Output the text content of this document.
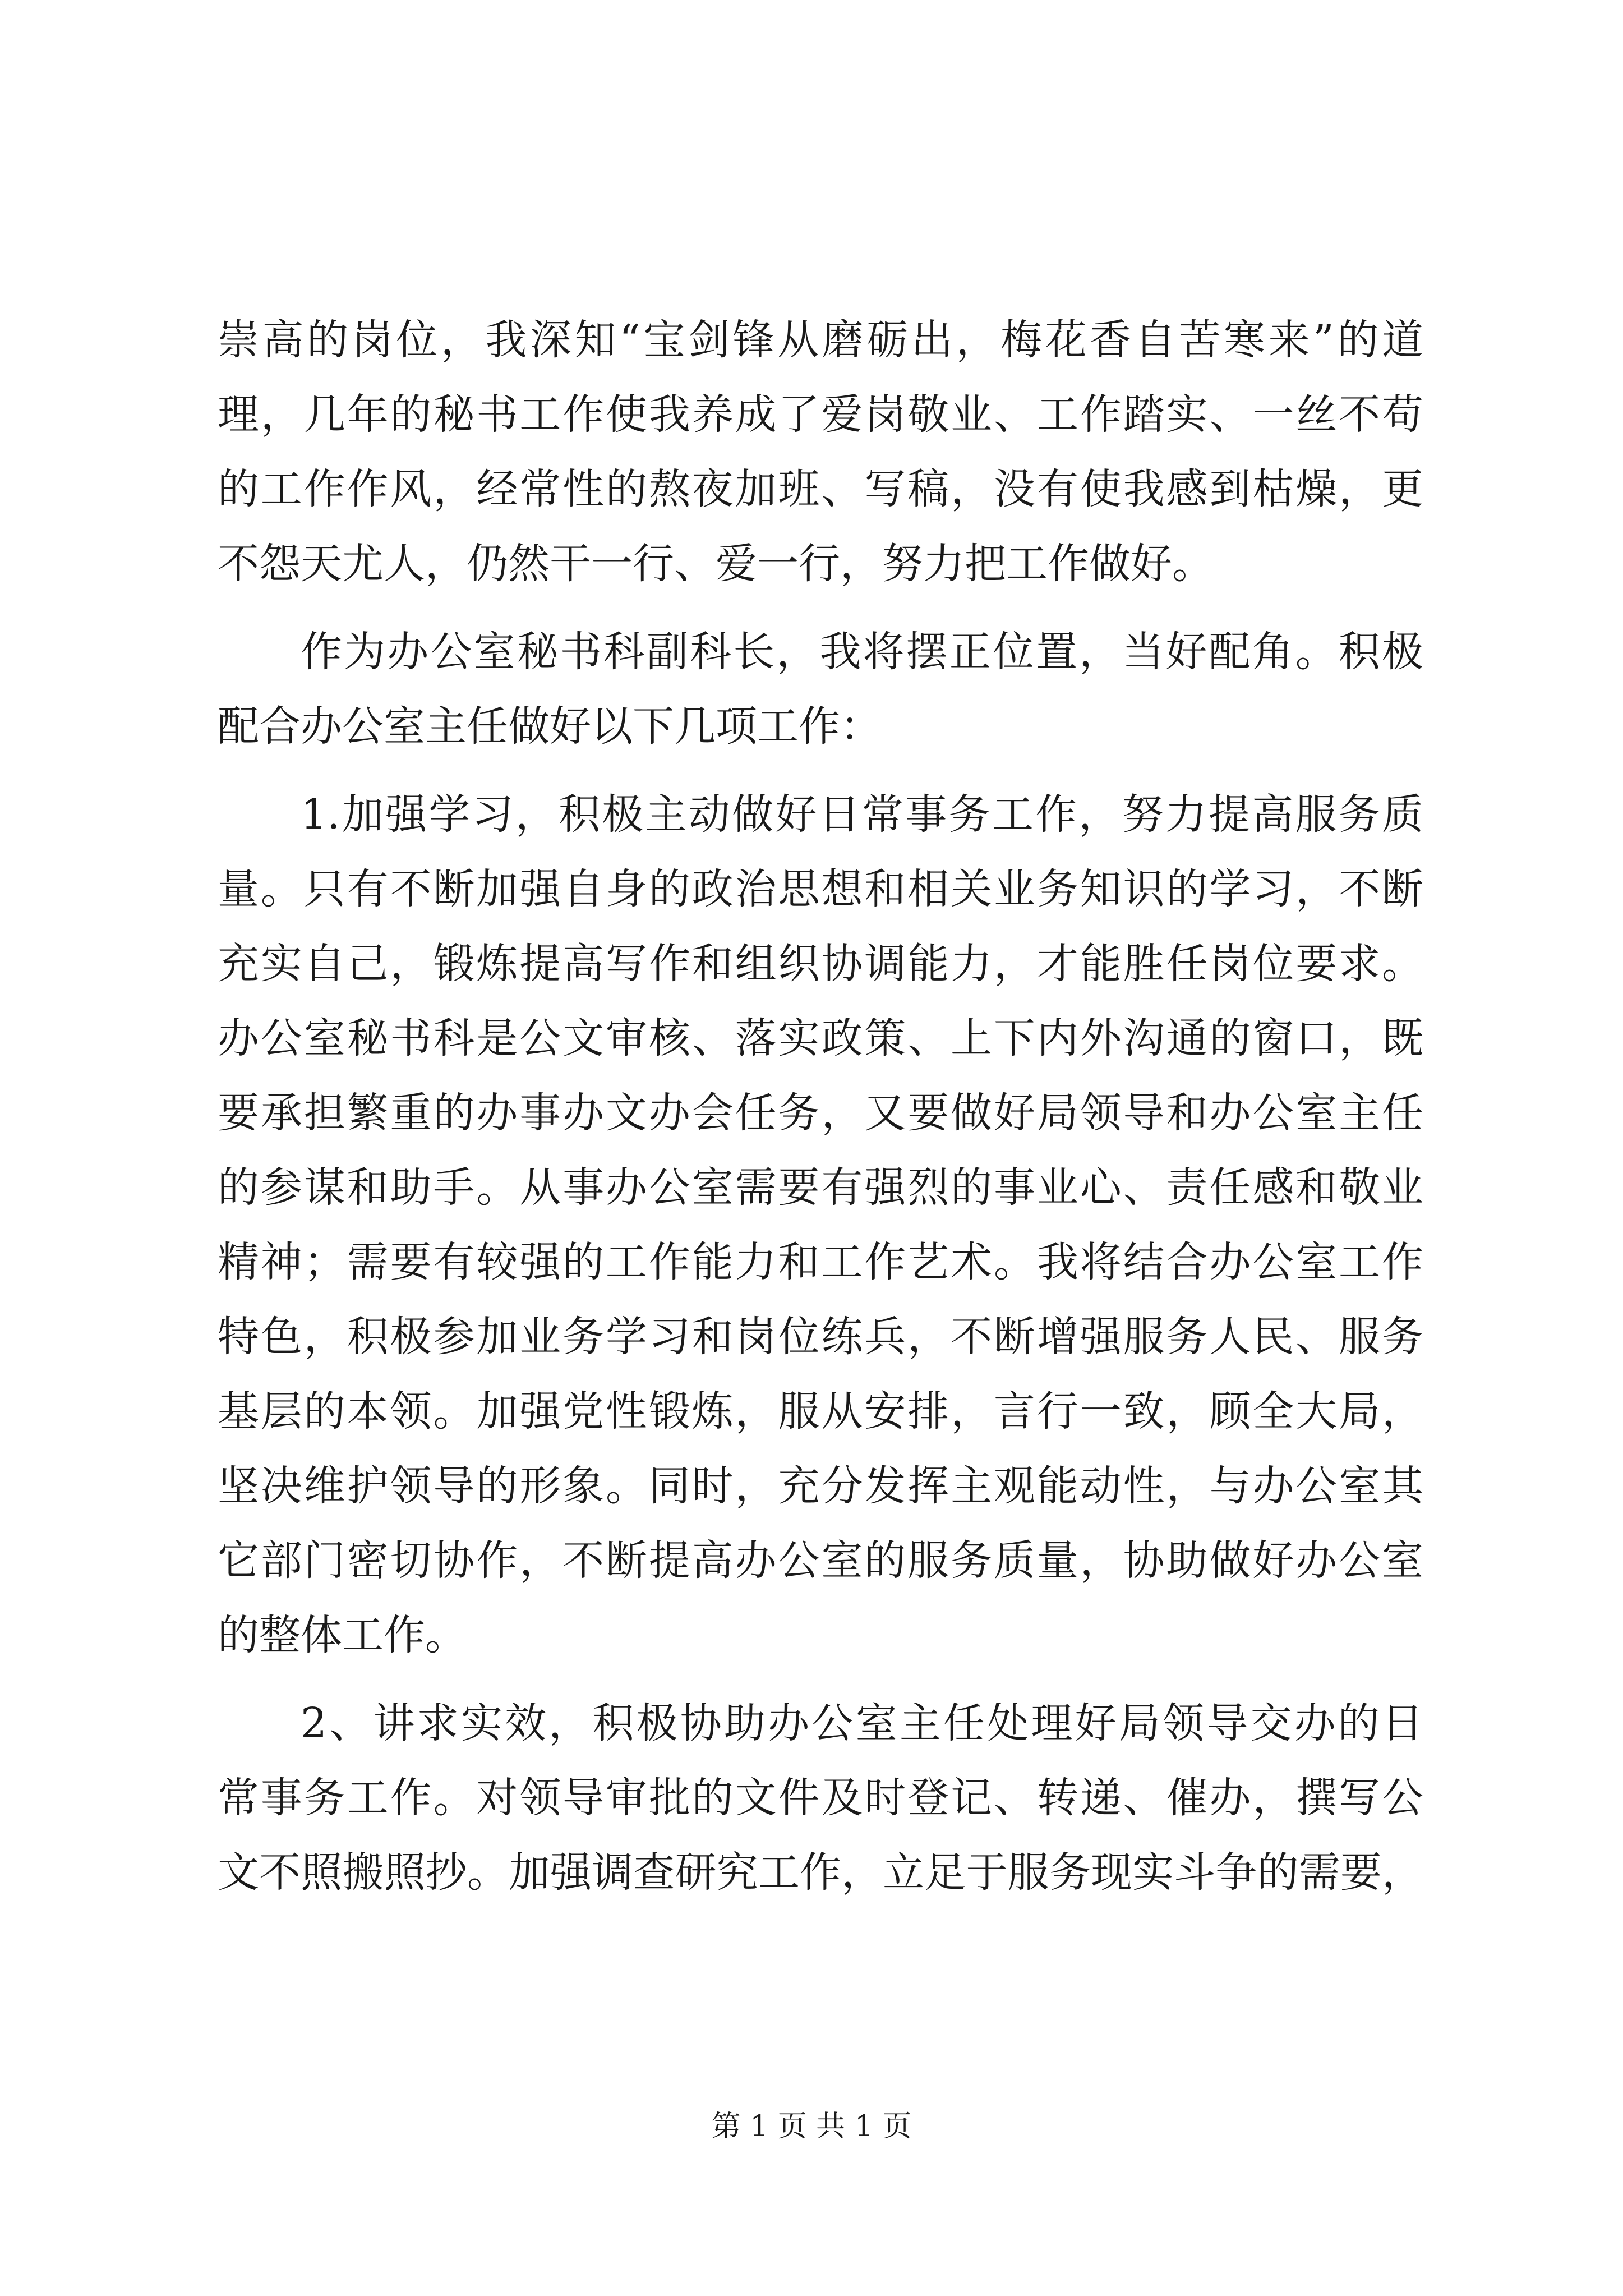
崇高的岗位，我深知“宝剑锋从磨砺出，梅花香自苦寒来”的道
理，几年的秘书工作使我养成了爱岗敬业、工作踏实、一丝不苟
的工作作风，经常性的熬夜加班、写稿，没有使我感到枯燥，更
不怨天尤人，仍然干一行、爱一行，努力把工作做好。
作为办公室秘书科副科长，我将摆正位置，当好配角。积极
配合办公室主任做好以下几项工作：
1.加强学习，积极主动做好日常事务工作，努力提高服务质
量。只有不断加强自身的政治思想和相关业务知识的学习，不断
充实自己，锻炼提高写作和组织协调能力，才能胜任岗位要求。
办公室秘书科是公文审核、落实政策、上下内外沟通的窗口，既
要承担繁重的办事办文办会任务，又要做好局领导和办公室主任
的参谋和助手。从事办公室需要有强烈的事业心、责任感和敬业
精神；需要有较强的工作能力和工作艺术。我将结合办公室工作
特色，积极参加业务学习和岗位练兵，不断增强服务人民、服务
基层的本领。加强党性锻炼，服从安排，言行一致，顾全大局，
坚决维护领导的形象。同时，充分发挥主观能动性，与办公室其
它部门密切协作，不断提高办公室的服务质量，协助做好办公室
的整体工作。
2、讲求实效，积极协助办公室主任处理好局领导交办的日
常事务工作。对领导审批的文件及时登记、转递、催办，撰写公
文不照搬照抄。加强调查研究工作，立足于服务现实斗争的需要，
第 1 页 共 1 页
